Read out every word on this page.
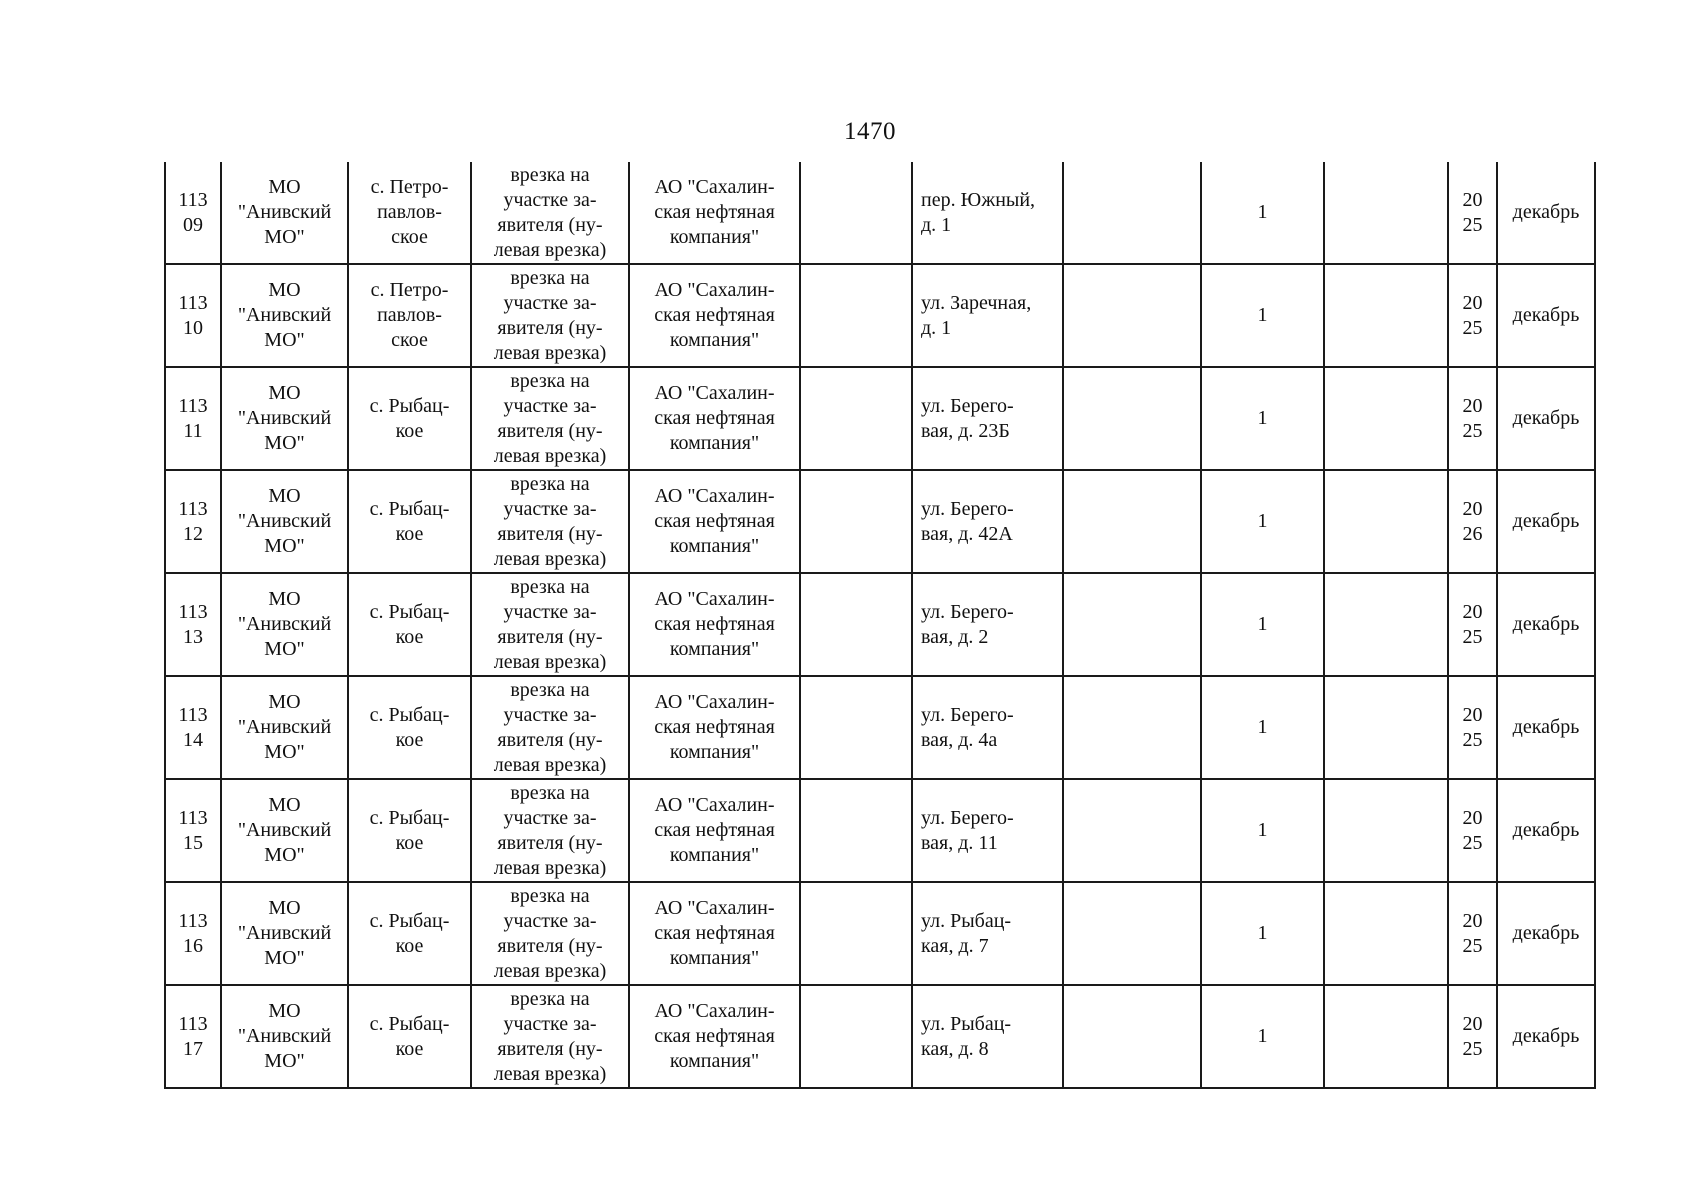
1470
113
09	МО
"Анивский
МО"	с. Петро-
павлов-
ское	врезка на
участке за-
явителя (ну-
левая врезка)	АО "Сахалин-
ская нефтяная
компания"		пер. Южный,
д. 1		1		20
25	декабрь

113
10	МО
"Анивский
МО"	с. Петро-
павлов-
ское	врезка на
участке за-
явителя (ну-
левая врезка)	АО "Сахалин-
ская нефтяная
компания"		ул. Заречная,
д. 1		1		20
25	декабрь

113
11	МО
"Анивский
МО"	с. Рыбац-
кое	врезка на
участке за-
явителя (ну-
левая врезка)	АО "Сахалин-
ская нефтяная
компания"		ул. Берего-
вая, д. 23Б		1		20
25	декабрь

113
12	МО
"Анивский
МО"	с. Рыбац-
кое	врезка на
участке за-
явителя (ну-
левая врезка)	АО "Сахалин-
ская нефтяная
компания"		ул. Берего-
вая, д. 42А		1		20
26	декабрь

113
13	МО
"Анивский
МО"	с. Рыбац-
кое	врезка на
участке за-
явителя (ну-
левая врезка)	АО "Сахалин-
ская нефтяная
компания"		ул. Берего-
вая, д. 2		1		20
25	декабрь

113
14	МО
"Анивский
МО"	с. Рыбац-
кое	врезка на
участке за-
явителя (ну-
левая врезка)	АО "Сахалин-
ская нефтяная
компания"		ул. Берего-
вая, д. 4а		1		20
25	декабрь

113
15	МО
"Анивский
МО"	с. Рыбац-
кое	врезка на
участке за-
явителя (ну-
левая врезка)	АО "Сахалин-
ская нефтяная
компания"		ул. Берего-
вая, д. 11		1		20
25	декабрь

113
16	МО
"Анивский
МО"	с. Рыбац-
кое	врезка на
участке за-
явителя (ну-
левая врезка)	АО "Сахалин-
ская нефтяная
компания"		ул. Рыбац-
кая, д. 7		1		20
25	декабрь

113
17	МО
"Анивский
МО"	с. Рыбац-
кое	врезка на
участке за-
явителя (ну-
левая врезка)	АО "Сахалин-
ская нефтяная
компания"		ул. Рыбац-
кая, д. 8		1		20
25	декабрь
